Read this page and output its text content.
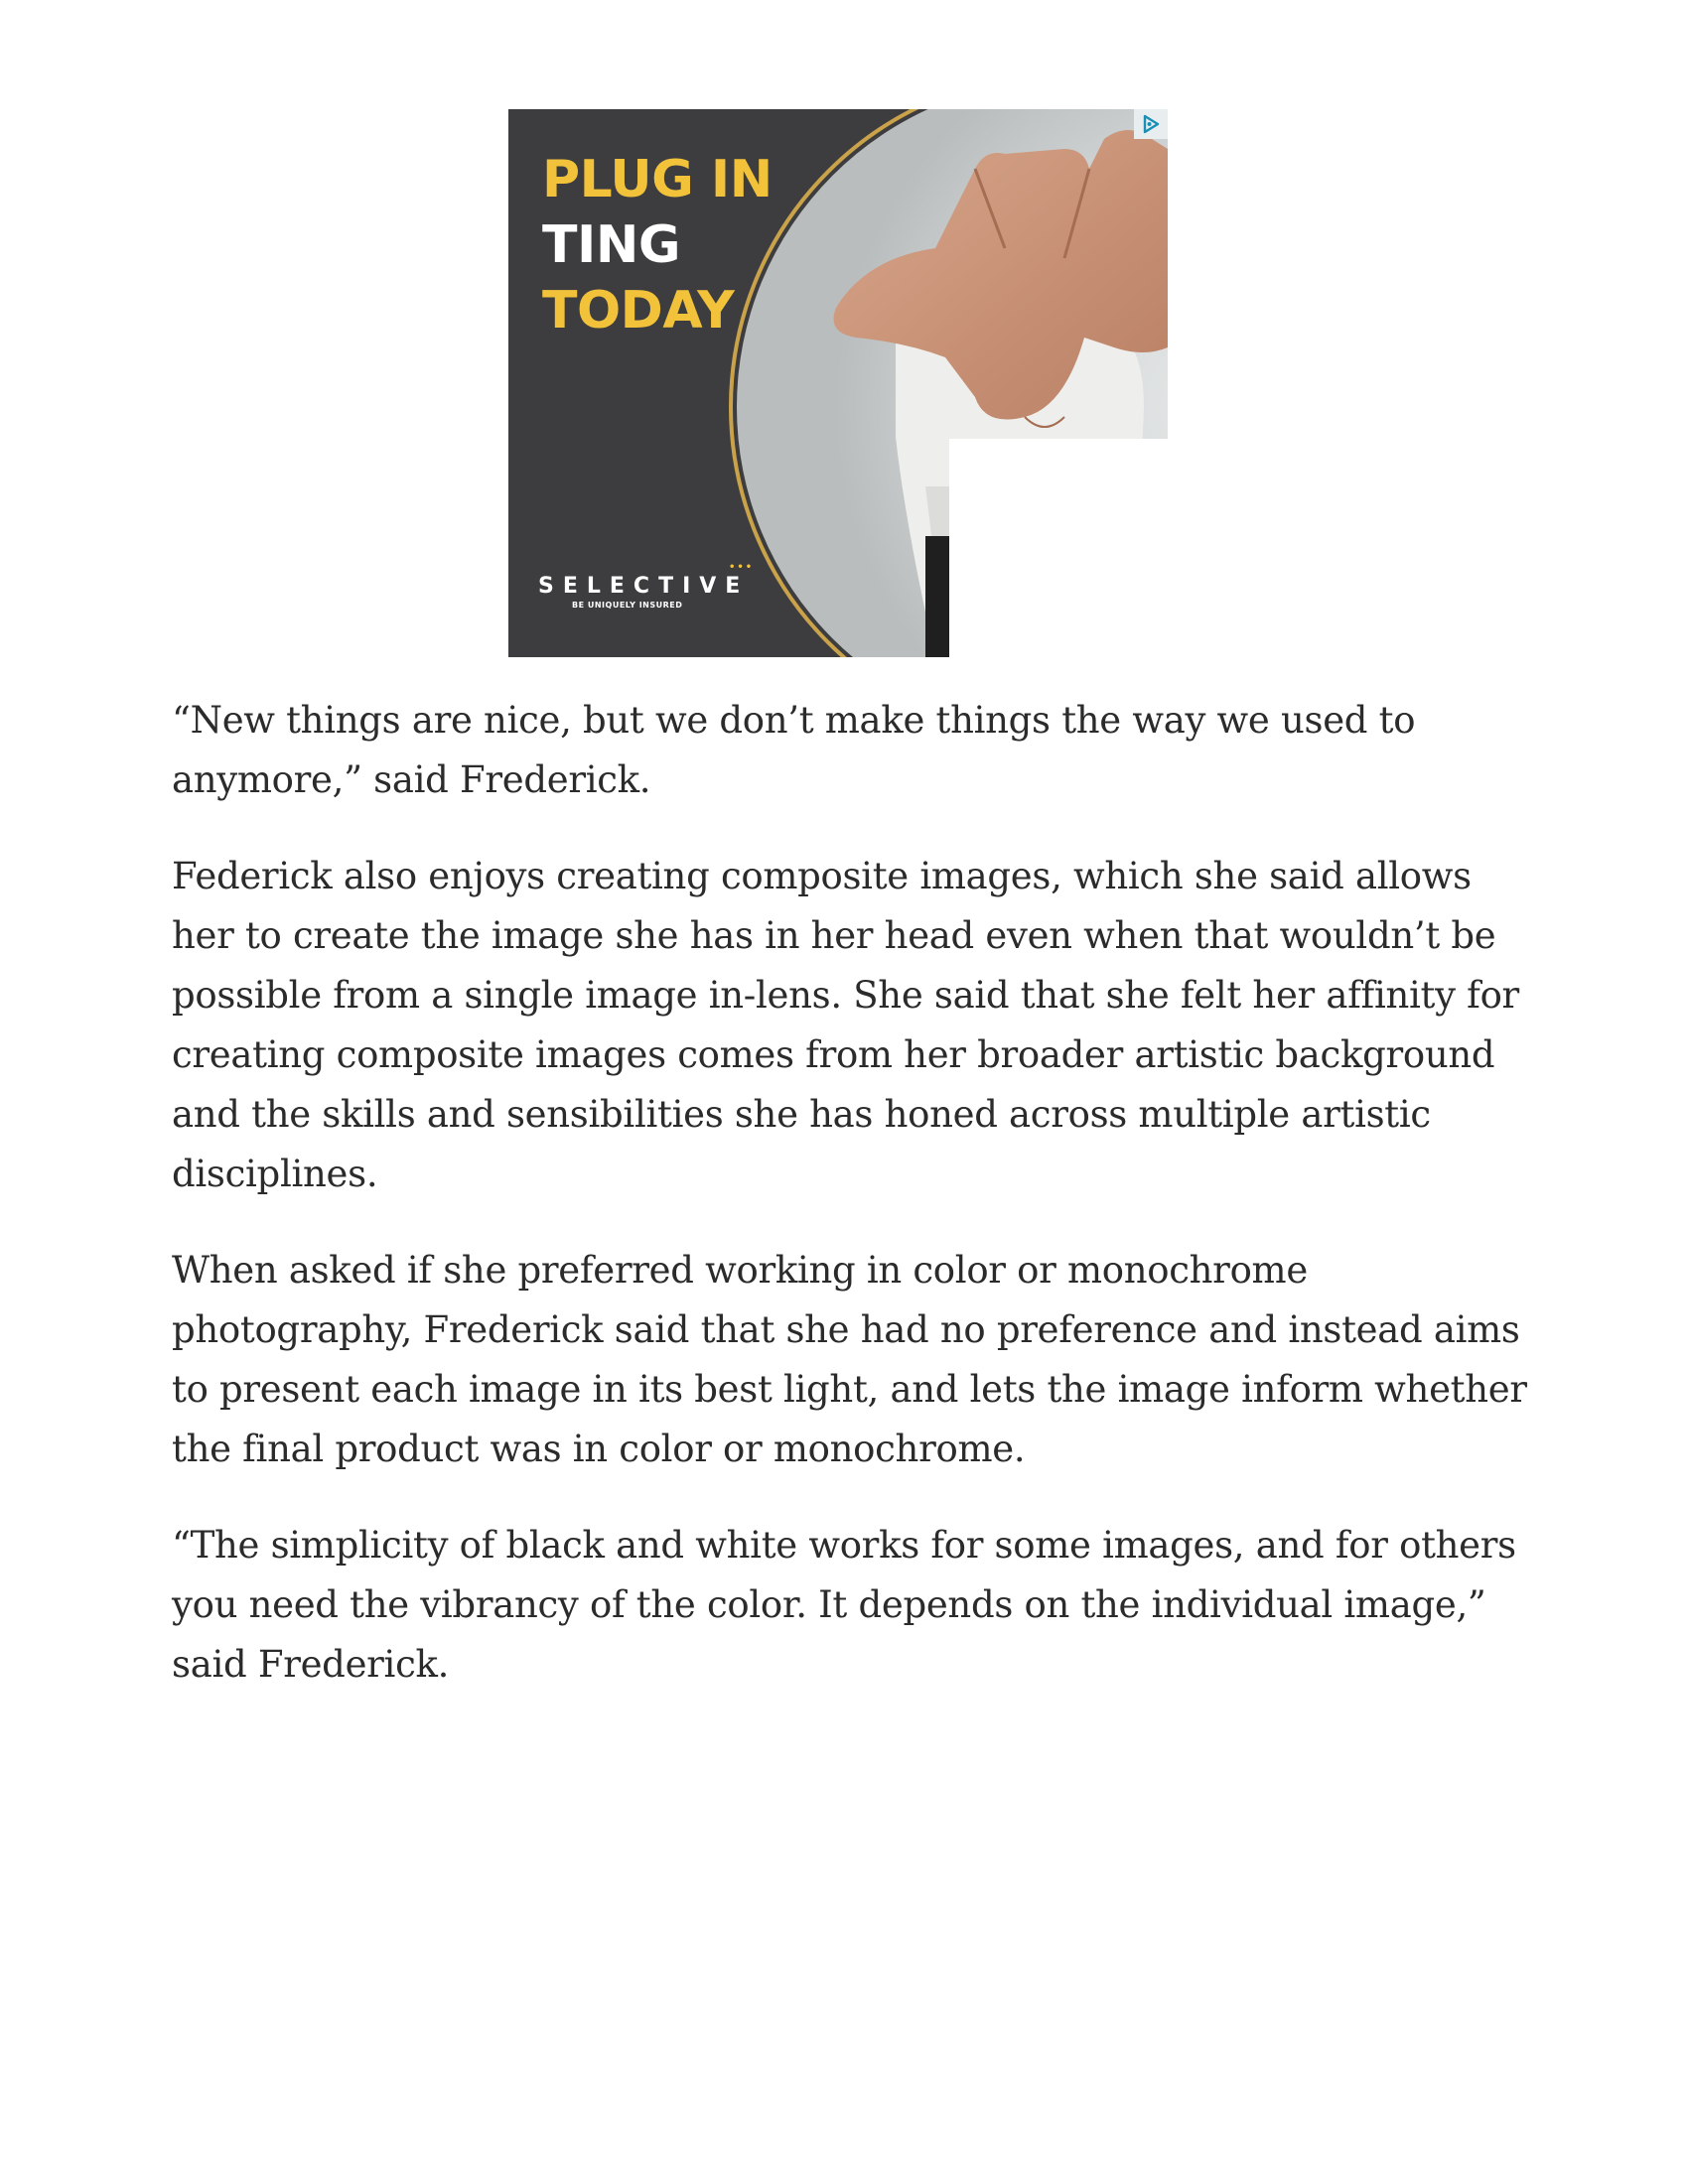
PLUG IN
TING
TODAY
SELECTIVE
•••
BE UNIQUELY INSURED

“New things are nice, but we don’t make things the way we used to anymore,” said Frederick.

Federick also enjoys creating composite images, which she said allows her to create the image she has in her head even when that wouldn’t be possible from a single image in-lens. She said that she felt her affinity for creating composite images comes from her broader artistic background and the skills and sensibilities she has honed across multiple artistic disciplines.

When asked if she preferred working in color or monochrome photography, Frederick said that she had no preference and instead aims to present each image in its best light, and lets the image inform whether the final product was in color or monochrome.

“The simplicity of black and white works for some images, and for others you need the vibrancy of the color. It depends on the individual image,” said Frederick.
